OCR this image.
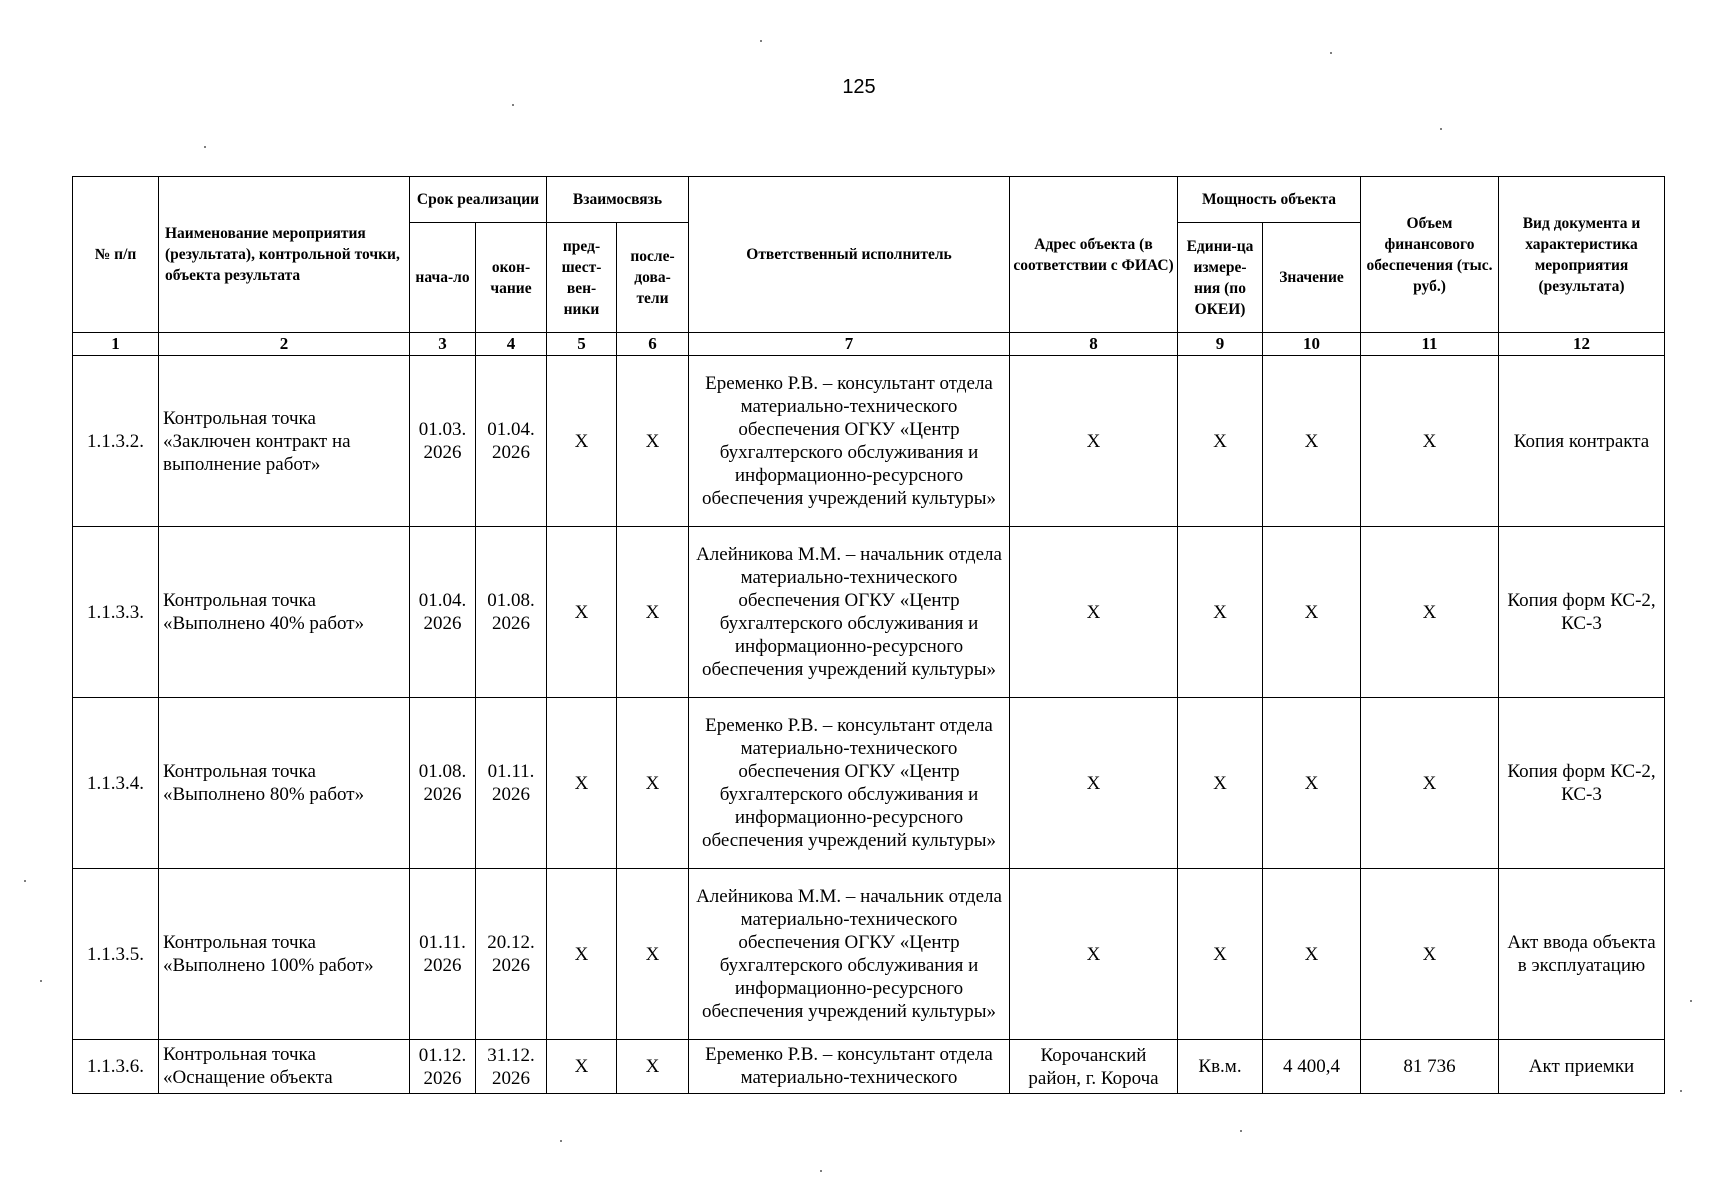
125
№ п/п	Наименование мероприятия (результата), контрольной точки, объекта результата	Срок реализации		Взаимосвязь		Ответственный исполнитель	Адрес объекта (в соответствии с ФИАС)	Мощность объекта		Объем финансового обеспечения (тыс. руб.)	Вид документа и характеристика мероприятия (результата)
		нача-ло	окон-чание	пред-шест-вен-ники	после-дова-тели			Едини-ца измере-ния (по ОКЕИ)	Значение		
1	2	3	4	5	6	7	8	9	10	11	12
1.1.3.2.	Контрольная точка «Заключен контракт на выполнение работ»	01.03. 2026	01.04. 2026	X	X	Еременко Р.В. – консультант отдела материально-технического обеспечения ОГКУ «Центр бухгалтерского обслуживания и информационно-ресурсного обеспечения учреждений культуры»	X	X	X	X	Копия контракта
1.1.3.3.	Контрольная точка «Выполнено 40% работ»	01.04. 2026	01.08. 2026	X	X	Алейникова М.М. – начальник отдела материально-технического обеспечения ОГКУ «Центр бухгалтерского обслуживания и информационно-ресурсного обеспечения учреждений культуры»	X	X	X	X	Копия форм КС-2, КС-3
1.1.3.4.	Контрольная точка «Выполнено 80% работ»	01.08. 2026	01.11. 2026	X	X	Еременко Р.В. – консультант отдела материально-технического обеспечения ОГКУ «Центр бухгалтерского обслуживания и информационно-ресурсного обеспечения учреждений культуры»	X	X	X	X	Копия форм КС-2, КС-3
1.1.3.5.	Контрольная точка «Выполнено 100% работ»	01.11. 2026	20.12. 2026	X	X	Алейникова М.М. – начальник отдела материально-технического обеспечения ОГКУ «Центр бухгалтерского обслуживания и информационно-ресурсного обеспечения учреждений культуры»	X	X	X	X	Акт ввода объекта в эксплуатацию
1.1.3.6.	Контрольная точка «Оснащение объекта	01.12. 2026	31.12. 2026	X	X	Еременко Р.В. – консультант отдела материально-технического	Корочанский район, г. Короча	Кв.м.	4 400,4	81 736	Акт приемки
